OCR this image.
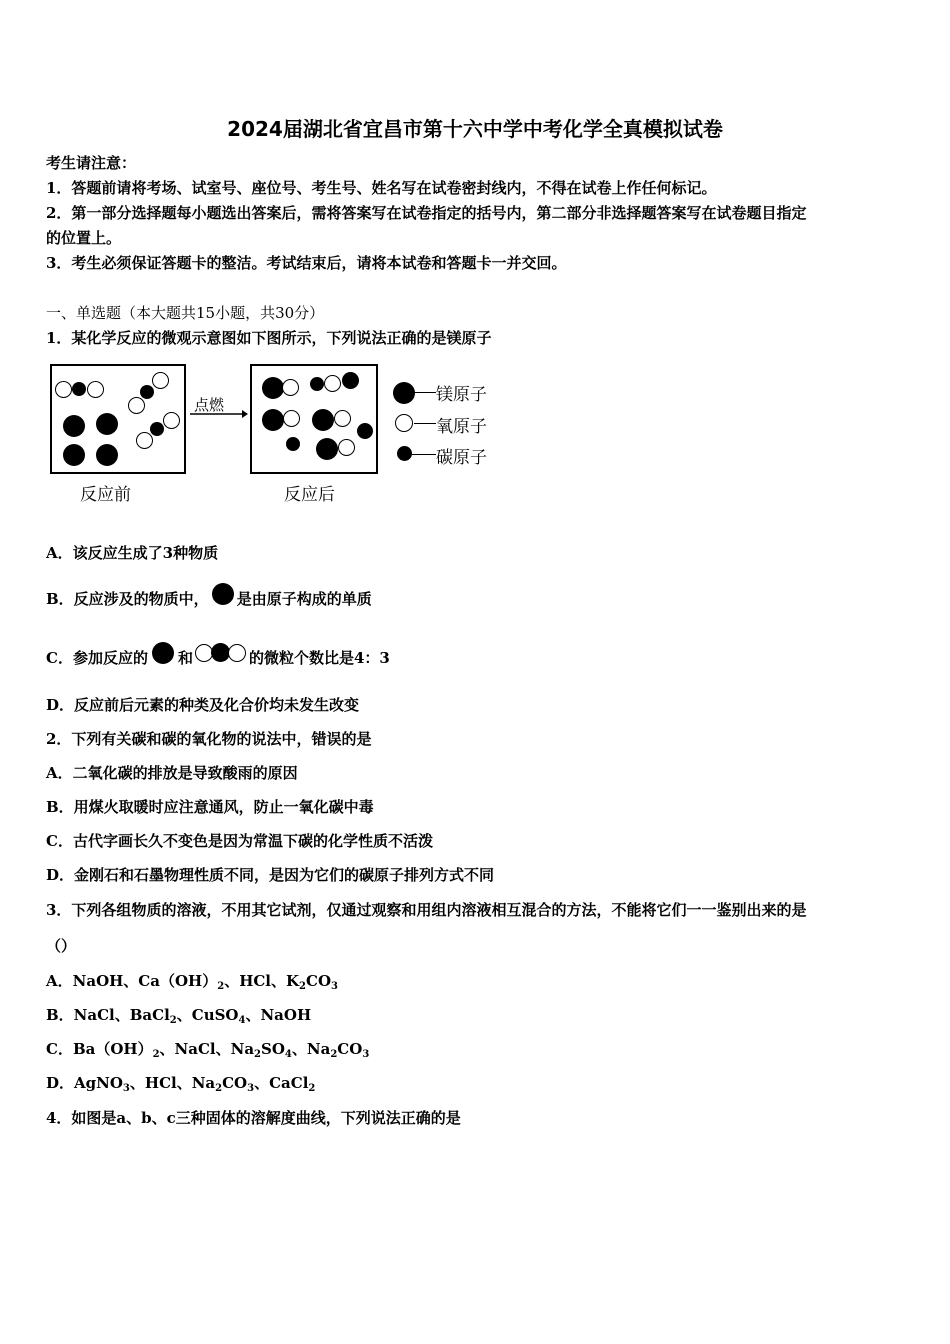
2024届湖北省宜昌市第十六中学中考化学全真模拟试卷
考生请注意：
1．答题前请将考场、试室号、座位号、考生号、姓名写在试卷密封线内，不得在试卷上作任何标记。
2．第一部分选择题每小题选出答案后，需将答案写在试卷指定的括号内，第二部分非选择题答案写在试卷题目指定
的位置上。
3．考生必须保证答题卡的整洁。考试结束后，请将本试卷和答题卡一并交回。
一、单选题（本大题共15小题，共30分）
1．某化学反应的微观示意图如下图所示，下列说法正确的是镁原子
点燃
反应前	反应后
镁原子
氧原子
碳原子
A．该反应生成了3种物质
B．反应涉及的物质中， 是由原子构成的单质
C．参加反应的 和	的微粒个数比是4：3
D．反应前后元素的种类及化合价均未发生改变
2．下列有关碳和碳的氧化物的说法中，错误的是
A．二氧化碳的排放是导致酸雨的原因
B．用煤火取暖时应注意通风，防止一氧化碳中毒
C．古代字画长久不变色是因为常温下碳的化学性质不活泼
D．金刚石和石墨物理性质不同，是因为它们的碳原子排列方式不同
3．下列各组物质的溶液，不用其它试剂，仅通过观察和用组内溶液相互混合的方法，不能将它们一一鉴别出来的是
（）
A．NaOH、$Ca(OH)_2$、HCl、$K_2CO_3$
B．NaCl、BaCl$_2$、CuSO$_4$、NaOH
C．$Ba(OH)_2$、NaCl、$Na_2SO_4$、$Na_2CO_3$
D．AgNO$_3$、HCl、$Na_2CO_3$、CaCl$_2$
4．如图是a、b、c三种固体的溶解度曲线，下列说法正确的是
